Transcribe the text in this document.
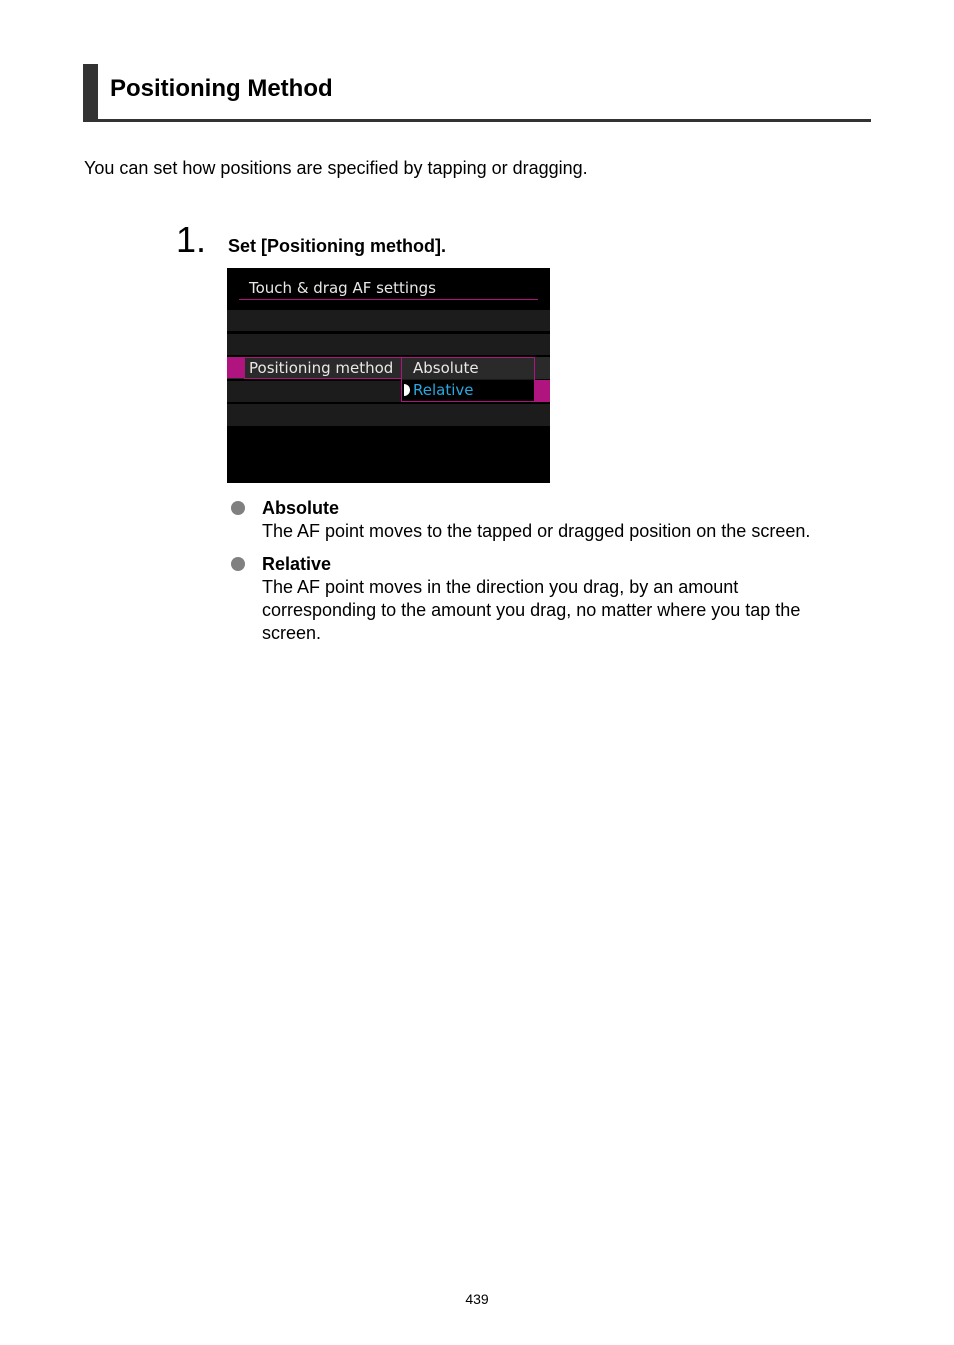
Positioning Method
You can set how positions are specified by tapping or dragging.
1. Set [Positioning method].
Touch & drag AF settings
Positioning method Absolute
Relative
Absolute
The AF point moves to the tapped or dragged position on the screen.
Relative
The AF point moves in the direction you drag, by an amount corresponding to the amount you drag, no matter where you tap the screen.
439
